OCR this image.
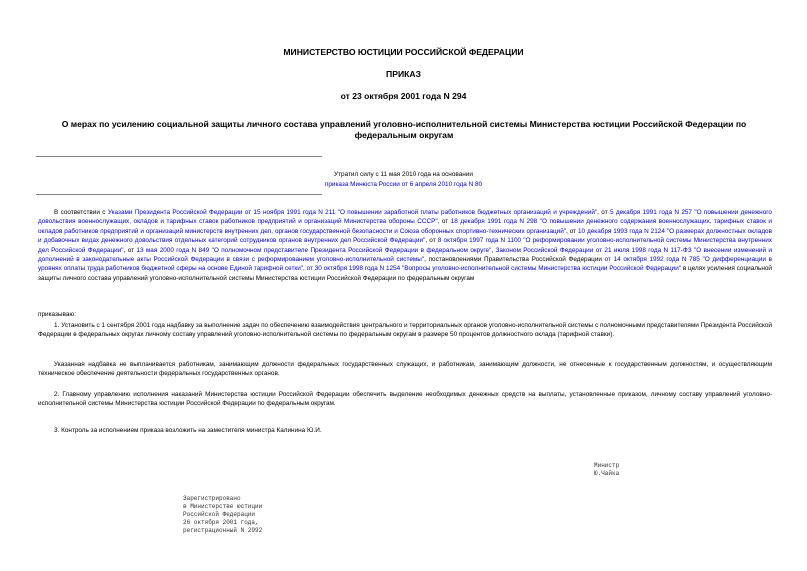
МИНИСТЕРСТВО ЮСТИЦИИ РОССИЙСКОЙ ФЕДЕРАЦИИ
ПРИКАЗ
от 23 октября 2001 года N 294
О мерах по усилению социальной защиты личного состава управлений уголовно-исполнительной системы Министерства юстиции Российской Федерации по федеральным округам
Утратил силу с 11 мая 2010 года на основании
приказа Минюста России от 6 апреля 2010 года N 80
В соответствии с Указами Президента Российской Федерации от 15 ноября 1991 года N 211 "О повышении заработной платы работников бюджетных организаций и учреждений", от 5 декабря 1991 года N 257 "О повышении денежного довольствия военнослужащих, окладов и тарифных ставок работников предприятий и организаций Министерства обороны СССР", от 18 декабря 1991 года N 298 "О повышении денежного содержания военнослужащих, тарифных ставок и окладов работников предприятий и организаций министерств внутренних дел, органов государственной безопасности и Союза оборонных спортивно-технических организаций", от 10 декабря 1993 года N 2124 "О размерах должностных окладов и добавочных видах денежного довольствия отдельных категорий сотрудников органов внутренних дел Российской Федерации", от 8 октября 1997 года N 1100 "О реформировании уголовно-исполнительной системы Министерства внутренних дел Российской Федерации", от 13 мая 2000 года N 849 "О полномочном представителе Президента Российской Федерации в федеральном округе", Законом Российской Федерации от 21 июля 1998 года N 117-ФЗ "О внесении изменений и дополнений в законодательные акты Российской Федерации в связи с реформированием уголовно-исполнительной системы", постановлениями Правительства Российской Федерации от 14 октября 1992 года N 785 "О дифференциации в уровнях оплаты труда работников бюджетной сферы на основе Единой тарифной сетки", от 30 октября 1998 года N 1254 "Вопросы уголовно-исполнительной системы Министерства юстиции Российской Федерации" в целях усиления социальной защиты личного состава управлений уголовно-исполнительной системы Министерства юстиции Российской Федерации по федеральным округам
приказываю:
1. Установить с 1 сентября 2001 года надбавку за выполнение задач по обеспечению взаимодействия центрального и территориальных органов уголовно-исполнительной системы с полномочными представителями Президента Российской Федерации в федеральных округах личному составу управлений уголовно-исполнительной системы по федеральным округам в размере 50 процентов должностного оклада (тарифной ставки).
Указанная надбавка не выплачивается работникам, занимающим должности федеральных государственных служащих, и работникам, занимающим должности, не отнесенные к государственным должностям, и осуществляющим техническое обеспечение деятельности федеральных государственных органов.
2. Главному управлению исполнения наказаний Министерства юстиции Российской Федерации обеспечить выделение необходимых денежных средств на выплаты, установленные приказом, личному составу управлений уголовно-исполнительной системы Министерства юстиции Российской Федерации по федеральным округам.
3. Контроль за исполнением приказа возложить на заместителя министра Калинина Ю.И.
Министр
Ю.Чайка
Зарегистрировано
в Министерстве юстиции
Российской Федерации
26 октября 2001 года,
регистрационный N 2992
